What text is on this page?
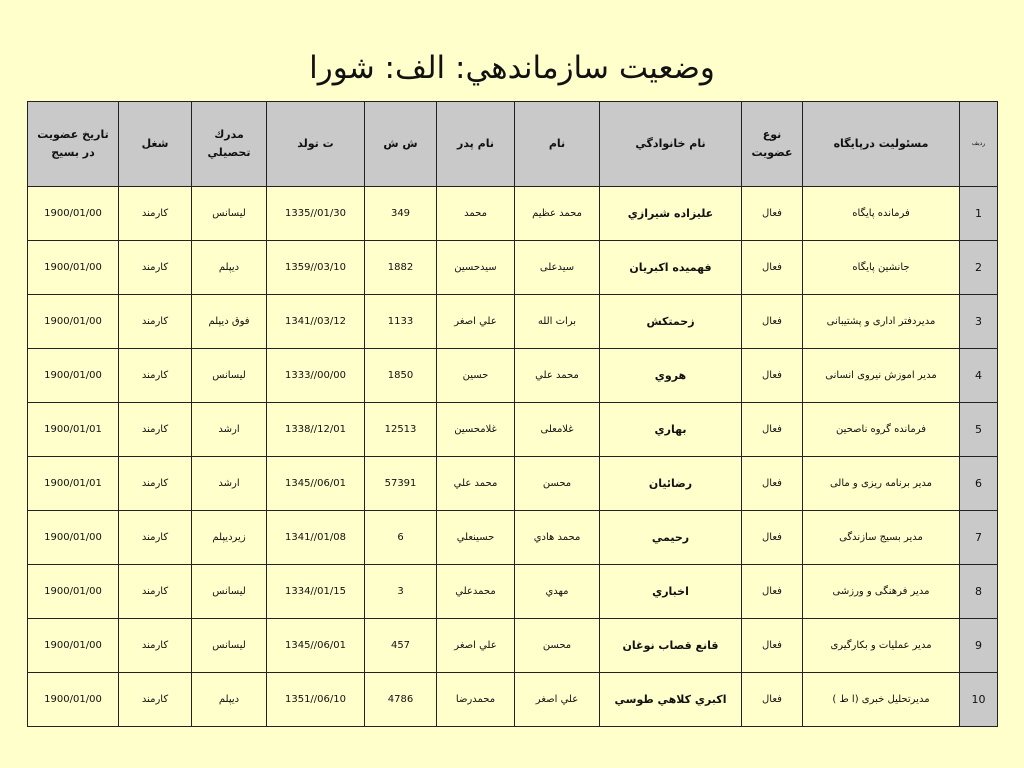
وضعيت سازماندهي: الف: شورا
رديف	مسئوليت درپايگاه	نوع عضويت	نام خانوادگي	نام	نام پدر	ش ش	ت تولد	مدرك تحصيلي	شغل	تاريخ عضويت در بسيج
1	فرمانده پايگاه	فعال	عليزاده شيرازي	محمد عظيم	محمد	349	1335//01/30	ليسانس	كارمند	1900/01/00
2	جانشين پايگاه	فعال	فهميده اكبريان	سيدعلى	سيدحسين	1882	1359//03/10	ديپلم	كارمند	1900/01/00
3	مديردفتر اداری و پشتيبانى	فعال	زحمتكش	برات الله	علي اصغر	1133	1341//03/12	فوق ديپلم	كارمند	1900/01/00
4	مدير اموزش نيروى انسانى	فعال	هروي	محمد علي	حسين	1850	1333//00/00	ليسانس	كارمند	1900/01/00
5	فرمانده گروه ناصحين	فعال	بهاري	غلامعلى	غلامحسين	12513	1338//12/01	ارشد	كارمند	1900/01/01
6	مدير برنامه ريزى و مالى	فعال	رضائيان	محسن	محمد علي	57391	1345//06/01	ارشد	كارمند	1900/01/01
7	مدير بسيج سازندگى	فعال	رحيمي	محمد هادي	حسينعلي	6	1341//01/08	زيرديپلم	كارمند	1900/01/00
8	مدير فرهنگى و ورزشى	فعال	اخباري	مهدي	محمدعلي	3	1334//01/15	ليسانس	كارمند	1900/01/00
9	مدير عمليات و بكارگيرى	فعال	قانع قصاب نوغان	محسن	علي اصغر	457	1345//06/01	ليسانس	كارمند	1900/01/00
10	مديرتحليل خبرى (ا ط )	فعال	اكبري كلاهي طوسي	علي اصغر	محمدرضا	4786	1351//06/10	ديپلم	كارمند	1900/01/00
